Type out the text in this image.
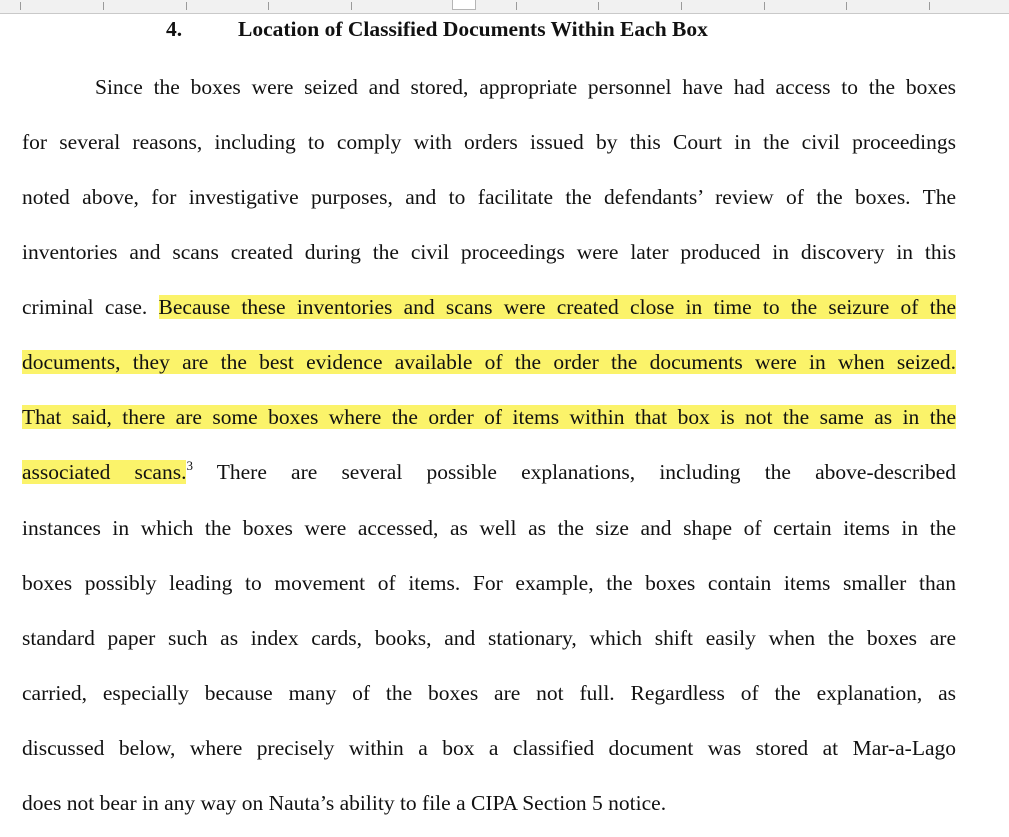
4.	Location of Classified Documents Within Each Box
Since the boxes were seized and stored, appropriate personnel have had access to the boxes
for several reasons, including to comply with orders issued by this Court in the civil proceedings
noted above, for investigative purposes, and to facilitate the defendants’ review of the boxes. The
inventories and scans created during the civil proceedings were later produced in discovery in this
criminal case. Because these inventories and scans were created close in time to the seizure of the
documents, they are the best evidence available of the order the documents were in when seized.
That said, there are some boxes where the order of items within that box is not the same as in the
associated scans.$^3$ There are several possible explanations, including the above-described
instances in which the boxes were accessed, as well as the size and shape of certain items in the
boxes possibly leading to movement of items. For example, the boxes contain items smaller than
standard paper such as index cards, books, and stationary, which shift easily when the boxes are
carried, especially because many of the boxes are not full. Regardless of the explanation, as
discussed below, where precisely within a box a classified document was stored at Mar-a-Lago
does not bear in any way on Nauta’s ability to file a CIPA Section 5 notice.
